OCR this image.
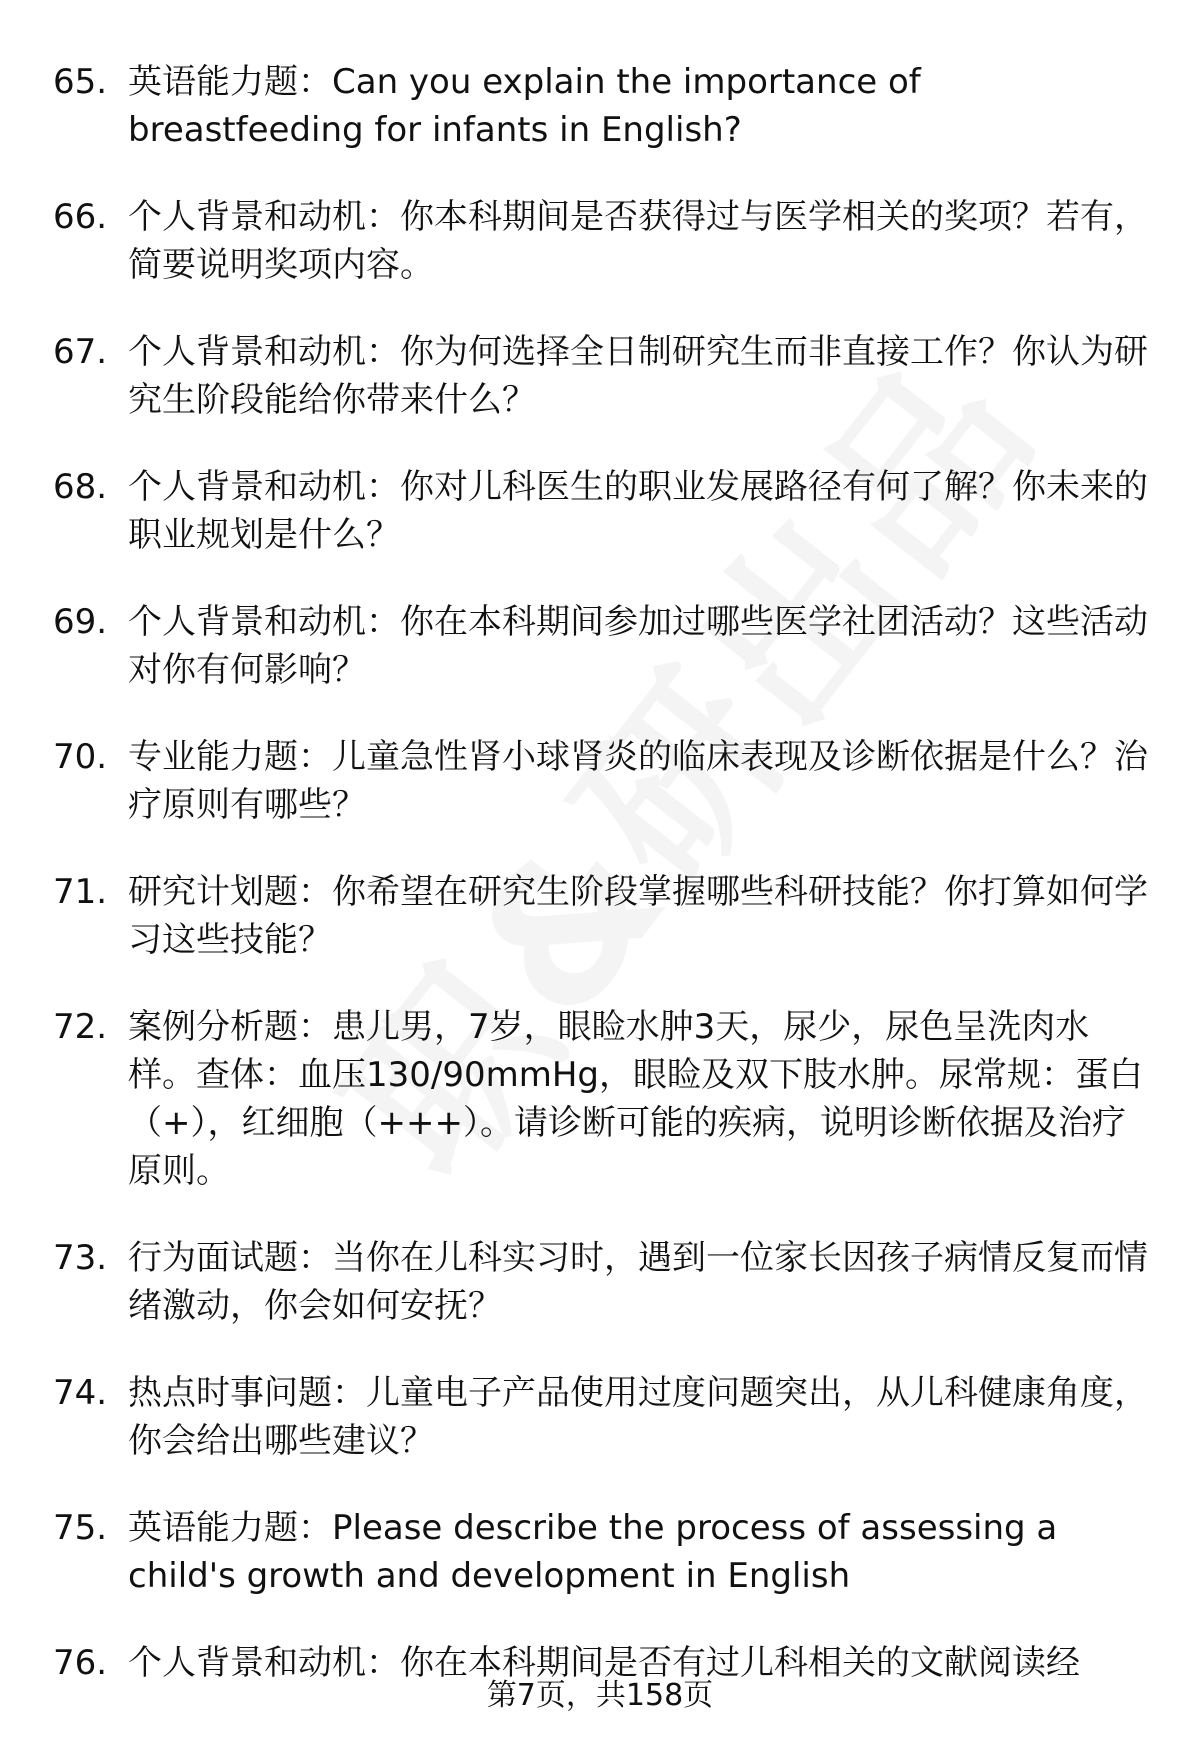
65. 英语能力题：Can you explain the importance of breastfeeding for infants in English?
66. 个人背景和动机：你本科期间是否获得过与医学相关的奖项？若有，简要说明奖项内容。
67. 个人背景和动机：你为何选择全日制研究生而非直接工作？你认为研究生阶段能给你带来什么？
68. 个人背景和动机：你对儿科医生的职业发展路径有何了解？你未来的职业规划是什么？
69. 个人背景和动机：你在本科期间参加过哪些医学社团活动？这些活动对你有何影响？
70. 专业能力题：儿童急性肾小球肾炎的临床表现及诊断依据是什么？治疗原则有哪些？
71. 研究计划题：你希望在研究生阶段掌握哪些科研技能？你打算如何学习这些技能？
72. 案例分析题：患儿男，7岁，眼睑水肿3天，尿少，尿色呈洗肉水样。查体：血压130/90mmHg，眼睑及双下肢水肿。尿常规：蛋白（+），红细胞（+++）。请诊断可能的疾病，说明诊断依据及治疗原则。
73. 行为面试题：当你在儿科实习时，遇到一位家长因孩子病情反复而情绪激动，你会如何安抚？
74. 热点时事问题：儿童电子产品使用过度问题突出，从儿科健康角度，你会给出哪些建议？
75. 英语能力题：Please describe the process of assessing a child's growth and development in English
76. 个人背景和动机：你在本科期间是否有过儿科相关的文献阅读经
第7页，共158页
